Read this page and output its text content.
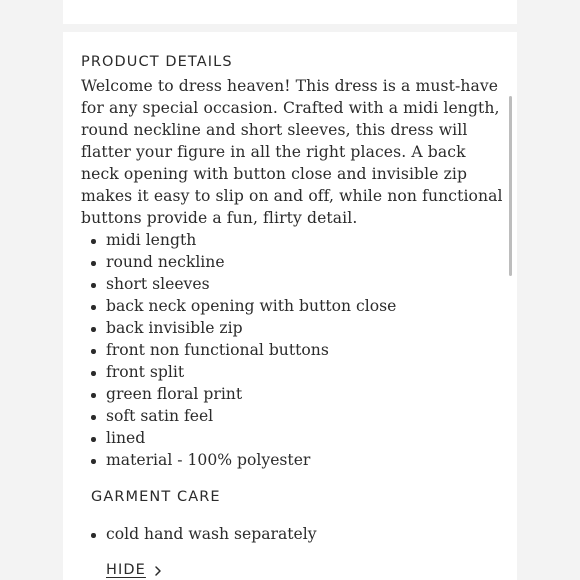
PRODUCT DETAILS

Welcome to dress heaven! This dress is a must-have for any special occasion. Crafted with a midi length, round neckline and short sleeves, this dress will flatter your figure in all the right places. A back neck opening with button close and invisible zip makes it easy to slip on and off, while non functional buttons provide a fun, flirty detail.

midi length
round neckline
short sleeves
back neck opening with button close
back invisible zip
front non functional buttons
front split
green floral print
soft satin feel
lined
material - 100% polyester
GARMENT CARE
cold hand wash separately
HIDE
